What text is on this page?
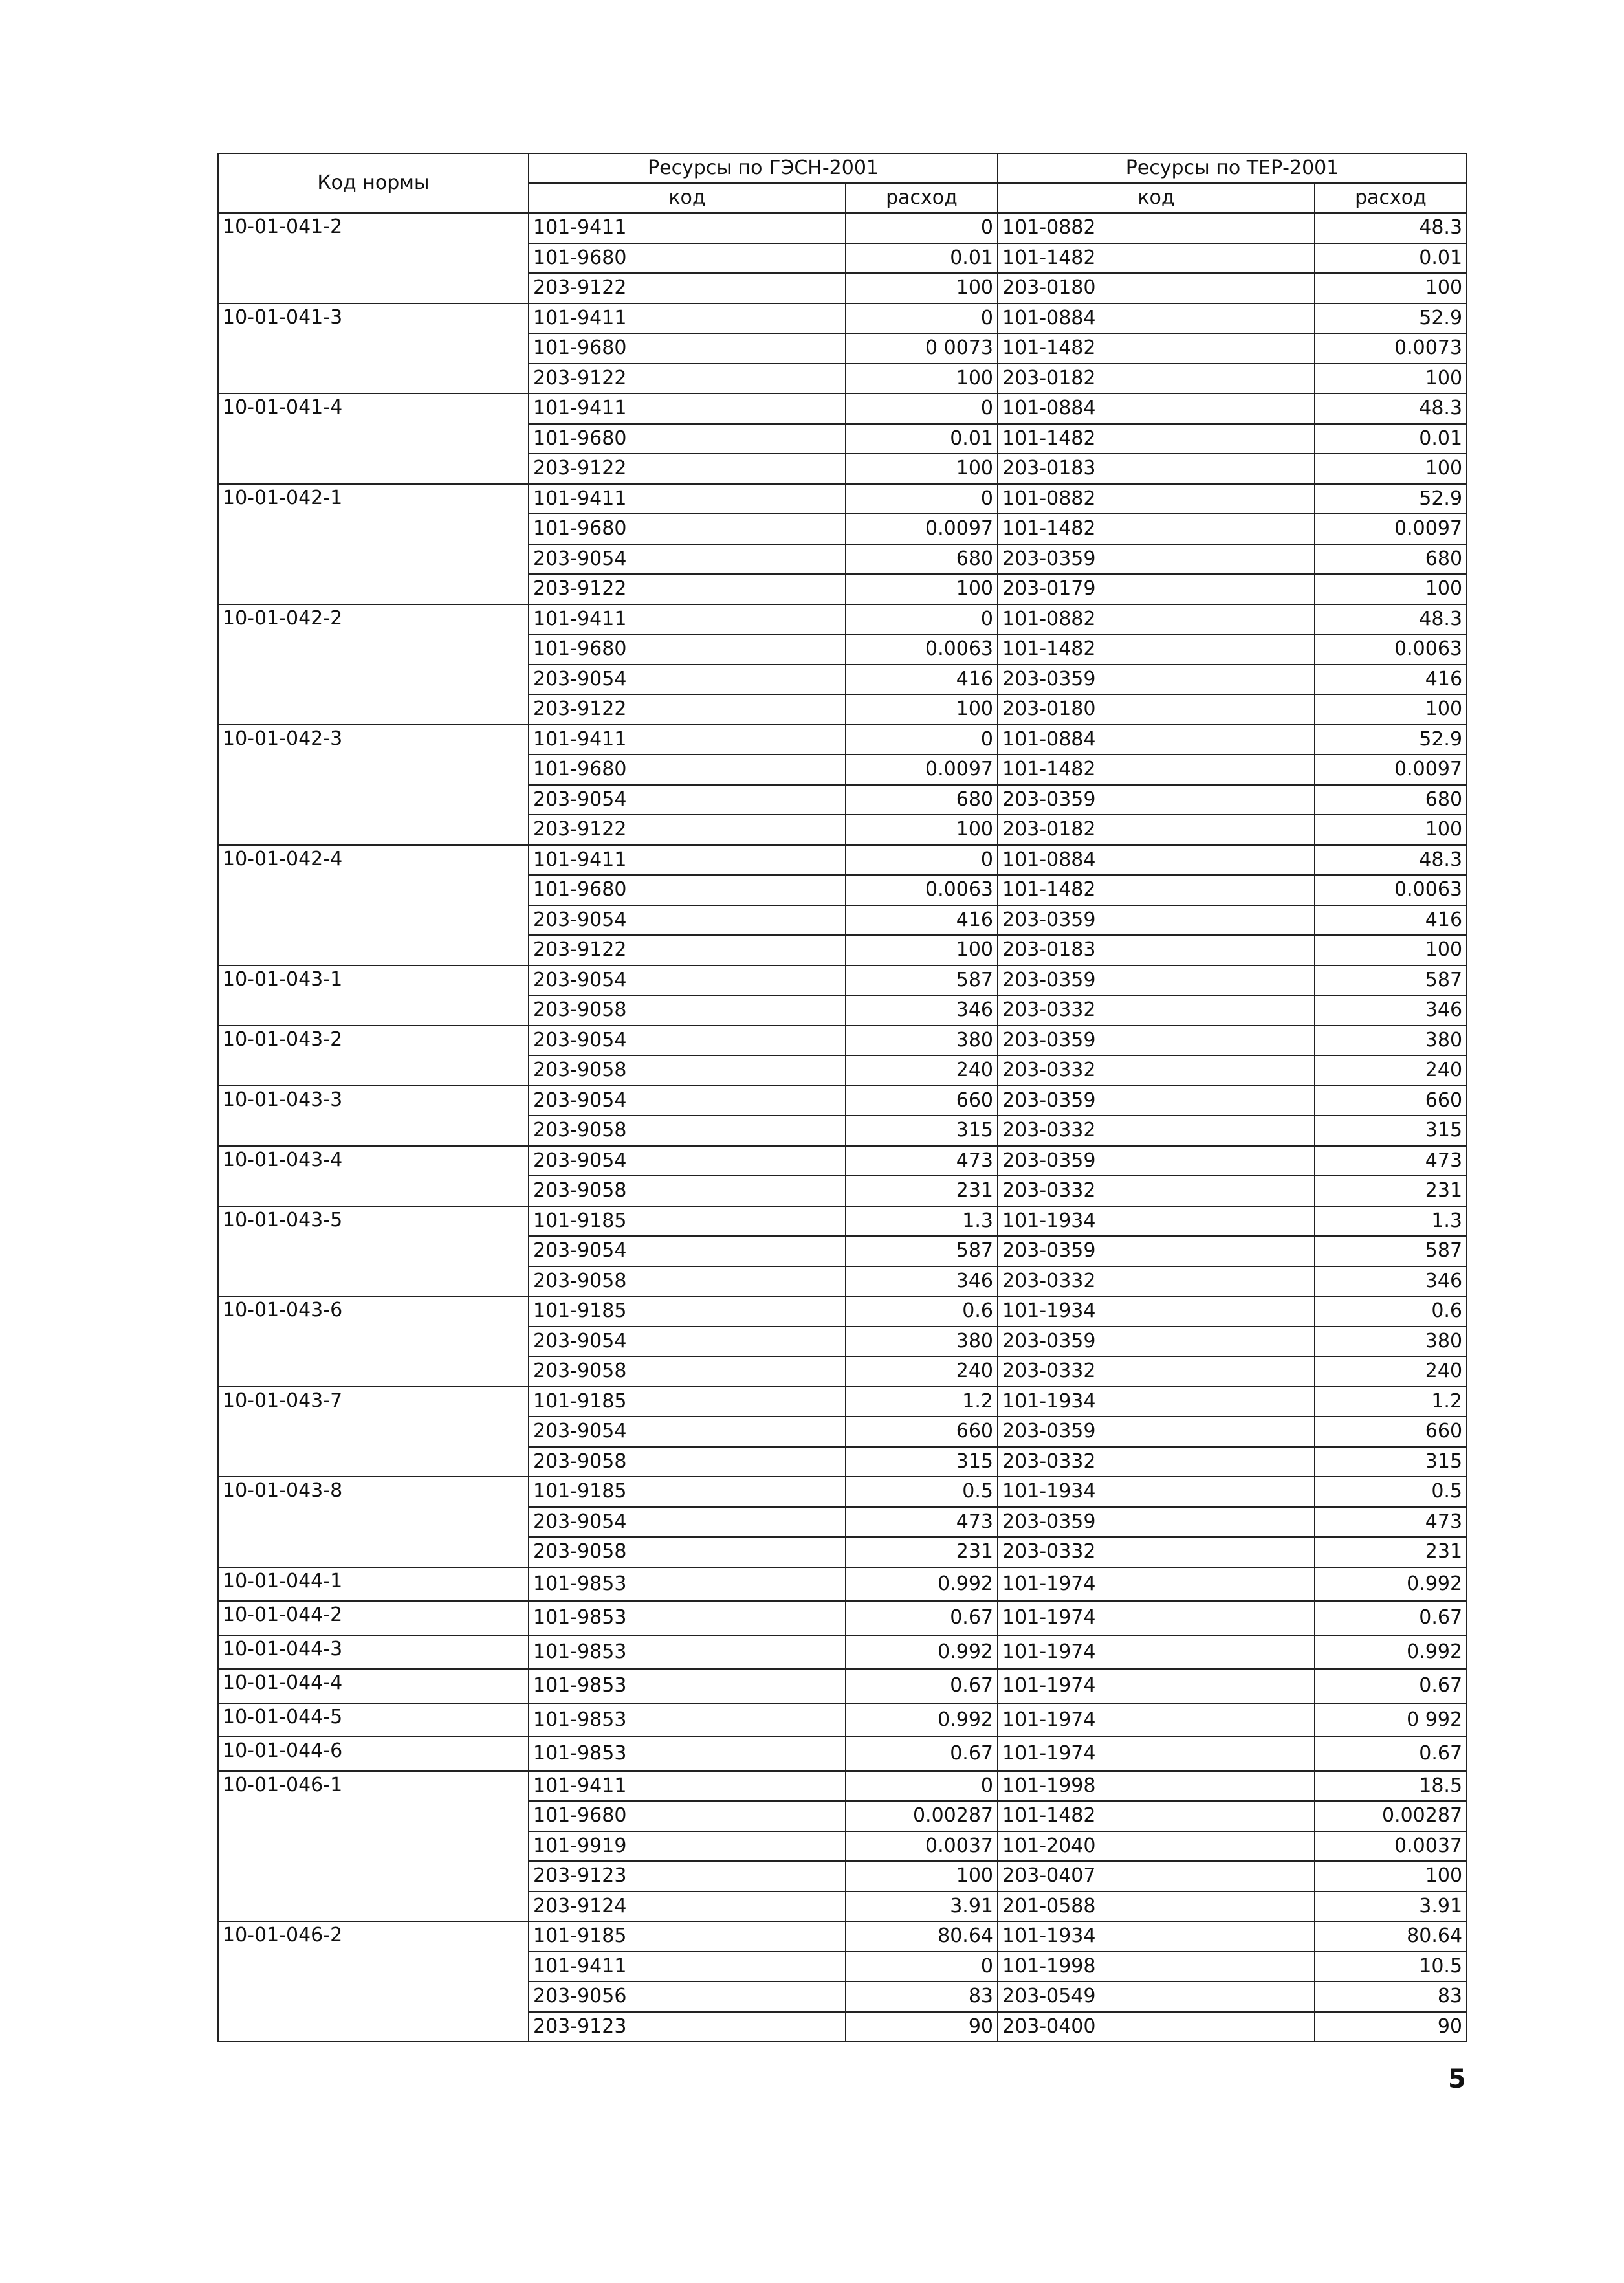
Код нормы	Ресурсы по ГЭСН-2001		Ресурсы по ТЕР-2001	
	код	расход	код	расход
10-01-041-2	101-9411	0	101-0882	48.3
	101-9680	0.01	101-1482	0.01
	203-9122	100	203-0180	100
10-01-041-3	101-9411	0	101-0884	52.9
	101-9680	0 0073	101-1482	0.0073
	203-9122	100	203-0182	100
10-01-041-4	101-9411	0	101-0884	48.3
	101-9680	0.01	101-1482	0.01
	203-9122	100	203-0183	100
10-01-042-1	101-9411	0	101-0882	52.9
	101-9680	0.0097	101-1482	0.0097
	203-9054	680	203-0359	680
	203-9122	100	203-0179	100
10-01-042-2	101-9411	0	101-0882	48.3
	101-9680	0.0063	101-1482	0.0063
	203-9054	416	203-0359	416
	203-9122	100	203-0180	100
10-01-042-3	101-9411	0	101-0884	52.9
	101-9680	0.0097	101-1482	0.0097
	203-9054	680	203-0359	680
	203-9122	100	203-0182	100
10-01-042-4	101-9411	0	101-0884	48.3
	101-9680	0.0063	101-1482	0.0063
	203-9054	416	203-0359	416
	203-9122	100	203-0183	100
10-01-043-1	203-9054	587	203-0359	587
	203-9058	346	203-0332	346
10-01-043-2	203-9054	380	203-0359	380
	203-9058	240	203-0332	240
10-01-043-3	203-9054	660	203-0359	660
	203-9058	315	203-0332	315
10-01-043-4	203-9054	473	203-0359	473
	203-9058	231	203-0332	231
10-01-043-5	101-9185	1.3	101-1934	1.3
	203-9054	587	203-0359	587
	203-9058	346	203-0332	346
10-01-043-6	101-9185	0.6	101-1934	0.6
	203-9054	380	203-0359	380
	203-9058	240	203-0332	240
10-01-043-7	101-9185	1.2	101-1934	1.2
	203-9054	660	203-0359	660
	203-9058	315	203-0332	315
10-01-043-8	101-9185	0.5	101-1934	0.5
	203-9054	473	203-0359	473
	203-9058	231	203-0332	231
10-01-044-1	101-9853	0.992	101-1974	0.992
10-01-044-2	101-9853	0.67	101-1974	0.67
10-01-044-3	101-9853	0.992	101-1974	0.992
10-01-044-4	101-9853	0.67	101-1974	0.67
10-01-044-5	101-9853	0.992	101-1974	0 992
10-01-044-6	101-9853	0.67	101-1974	0.67
10-01-046-1	101-9411	0	101-1998	18.5
	101-9680	0.00287	101-1482	0.00287
	101-9919	0.0037	101-2040	0.0037
	203-9123	100	203-0407	100
	203-9124	3.91	201-0588	3.91
10-01-046-2	101-9185	80.64	101-1934	80.64
	101-9411	0	101-1998	10.5
	203-9056	83	203-0549	83
	203-9123	90	203-0400	90
5
